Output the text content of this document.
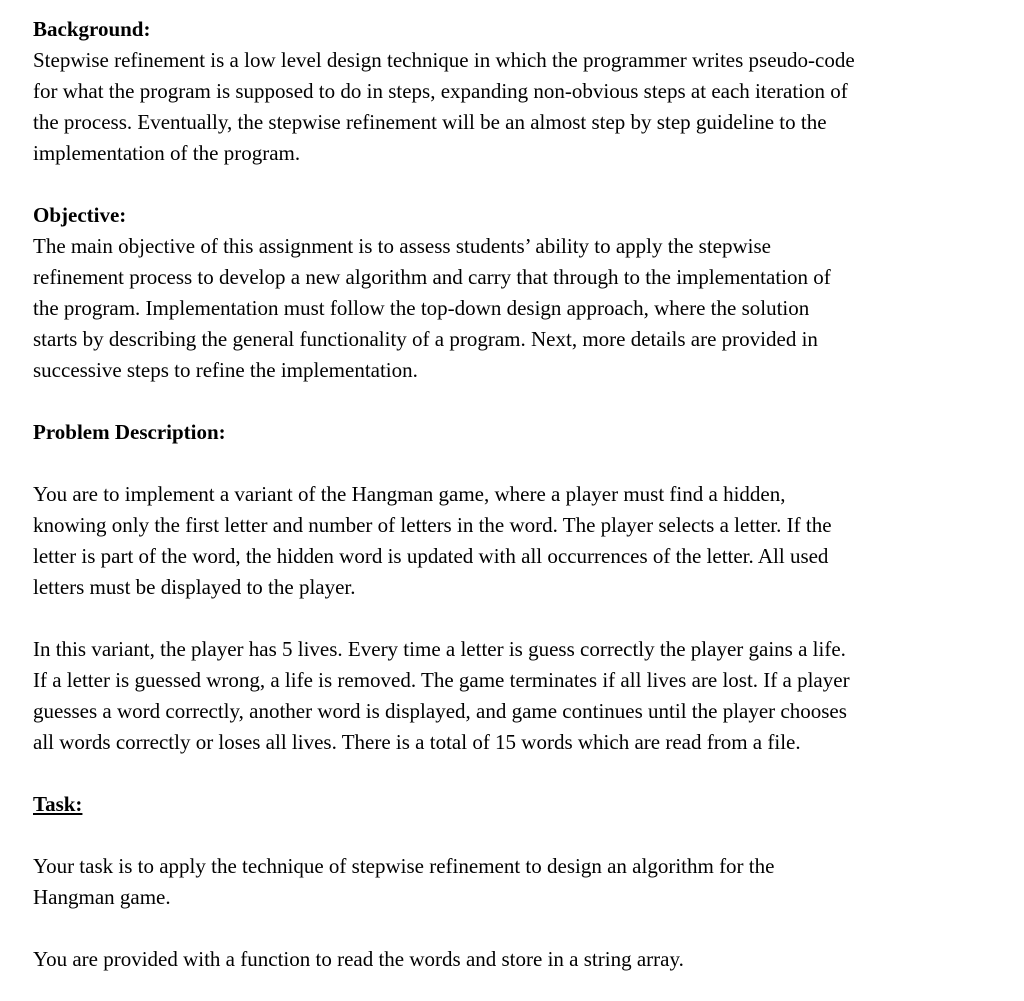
Background:

Stepwise refinement is a low level design technique in which the programmer writes pseudo-code
for what the program is supposed to do in steps, expanding non-obvious steps at each iteration of
the process. Eventually, the stepwise refinement will be an almost step by step guideline to the
implementation of the program.

Objective:

The main objective of this assignment is to assess students’ ability to apply the stepwise
refinement process to develop a new algorithm and carry that through to the implementation of
the program. Implementation must follow the top-down design approach, where the solution
starts by describing the general functionality of a program. Next, more details are provided in
successive steps to refine the implementation.

Problem Description:

You are to implement a variant of the Hangman game, where a player must find a hidden,
knowing only the first letter and number of letters in the word. The player selects a letter. If the
letter is part of the word, the hidden word is updated with all occurrences of the letter. All used
letters must be displayed to the player.
In this variant, the player has 5 lives. Every time a letter is guess correctly the player gains a life.
If a letter is guessed wrong, a life is removed. The game terminates if all lives are lost. If a player
guesses a word correctly, another word is displayed, and game continues until the player chooses
all words correctly or loses all lives. There is a total of 15 words which are read from a file.

Task:

Your task is to apply the technique of stepwise refinement to design an algorithm for the
Hangman game.
You are provided with a function to read the words and store in a string array.
